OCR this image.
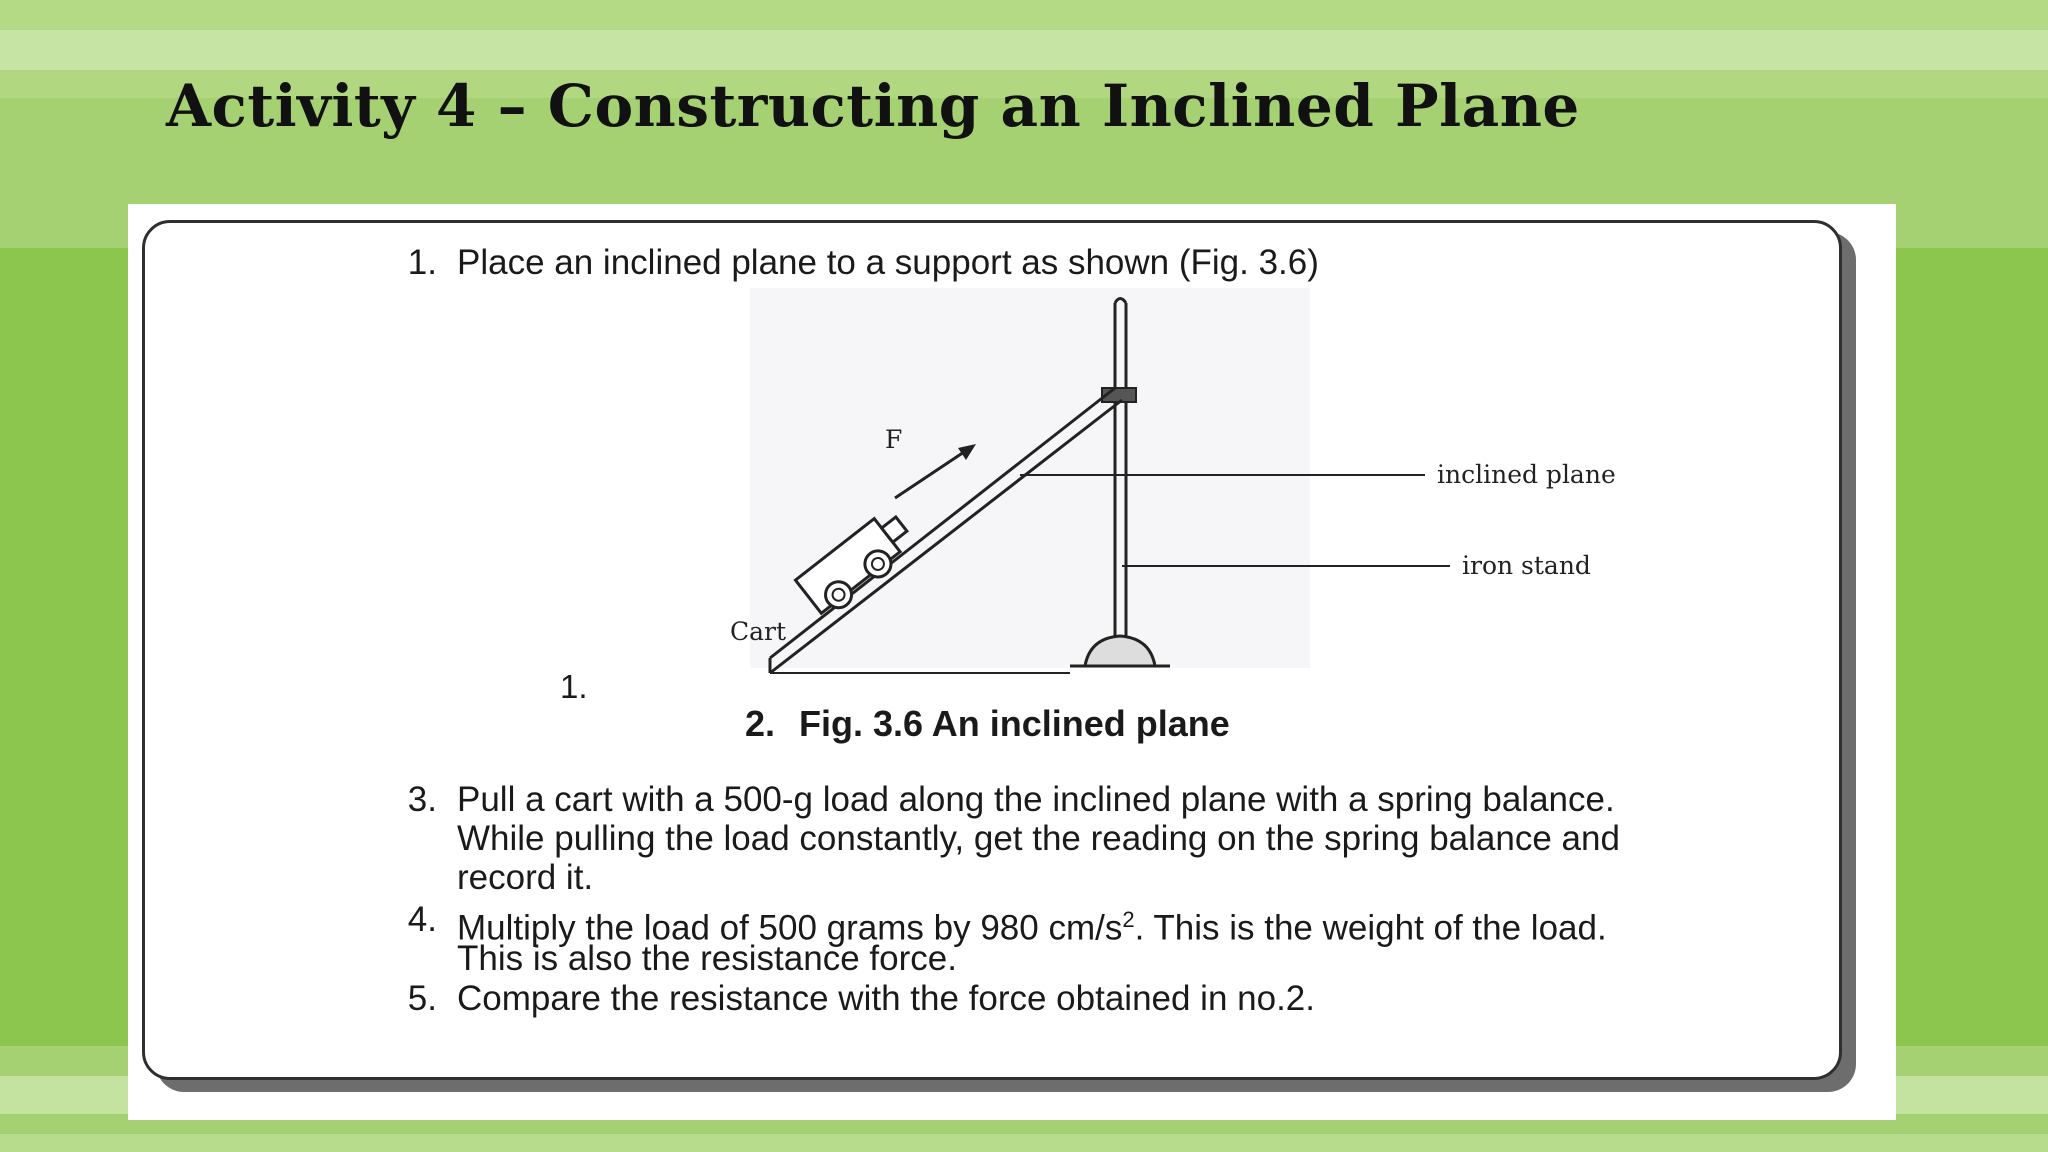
Activity 4 – Constructing an Inclined Plane
1. Place an inclined plane to a support as shown (Fig. 3.6)
F
Cart
inclined plane
iron stand
1.
2. Fig. 3.6 An inclined plane
3. Pull a cart with a 500-g load along the inclined plane with a spring balance.
While pulling the load constantly, get the reading on the spring balance and
record it.
4. Multiply the load of 500 grams by 980 $cm/s^2$. This is the weight of the load.
This is also the resistance force.
5. Compare the resistance with the force obtained in no.2.
